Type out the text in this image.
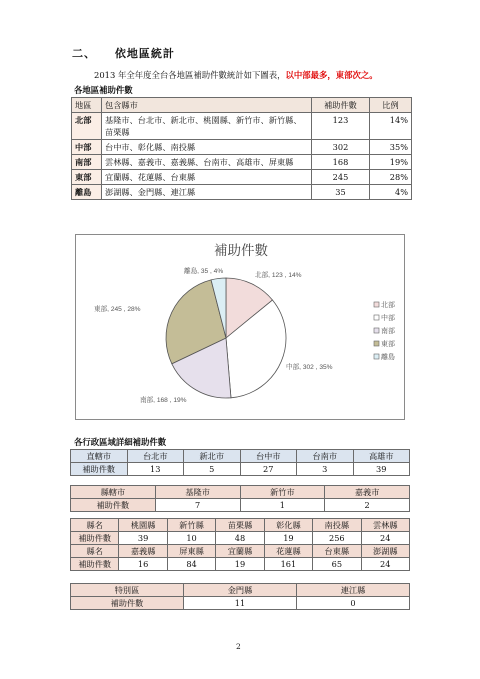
二、 依地區統計
2013 年全年度全台各地區補助件數統計如下圖表，以中部最多，東部次之。
各地區補助件數
地區	包含縣市	補助件數	比例
北部	基隆市、台北市、新北市、桃園縣、新竹市、新竹縣、苗栗縣	123	14%
中部	台中市、彰化縣、南投縣	302	35%
南部	雲林縣、嘉義市、嘉義縣、台南市、高雄市、屏東縣	168	19%
東部	宜蘭縣、花蓮縣、台東縣	245	28%
離島	澎湖縣、金門縣、連江縣	35	4%
補助件數
北部, 123 , 14%
中部, 302 , 35%
南部, 168 , 19%
東部, 245 , 28%
離島, 35 , 4%
北部
中部
南部
東部
離島
各行政區域詳細補助件數
直轄市	台北市	新北市	台中市	台南市	高雄市
補助件數	13	5	27	3	39
縣轄市	基隆市	新竹市	嘉義市
補助件數	7	1	2
縣名	桃園縣	新竹縣	苗栗縣	彰化縣	南投縣	雲林縣
補助件數	39	10	48	19	256	24
縣名	嘉義縣	屏東縣	宜蘭縣	花蓮縣	台東縣	澎湖縣
補助件數	16	84	19	161	65	24
特別區	金門縣	連江縣
補助件數	11	0
2
